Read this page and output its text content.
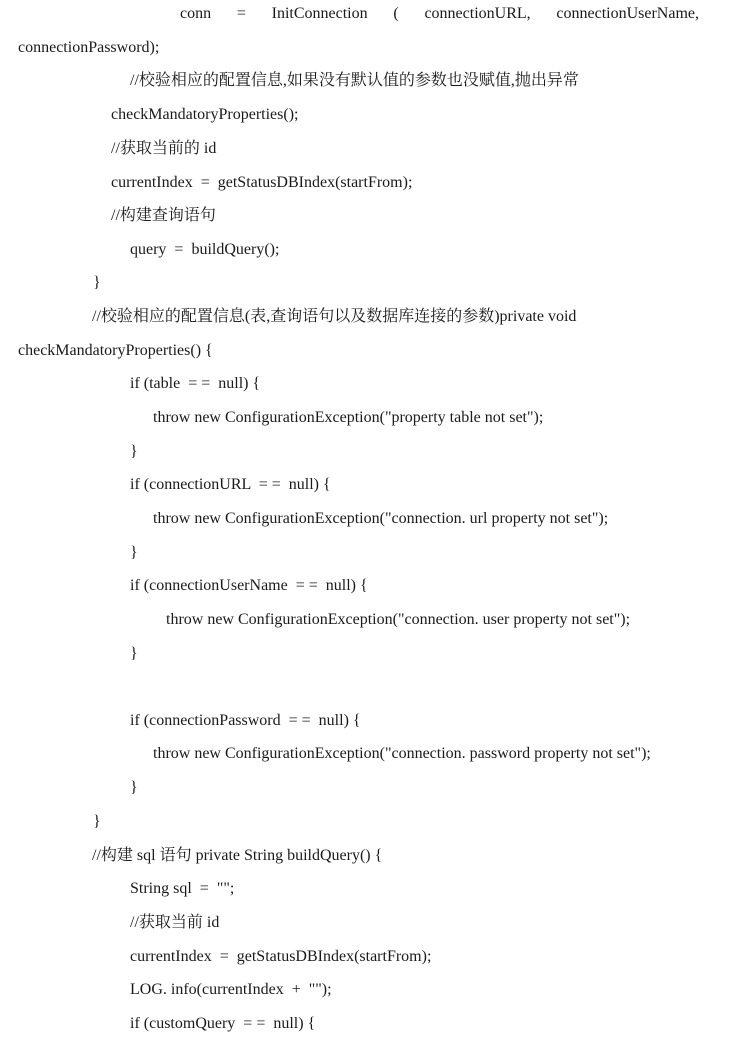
conn = InitConnection ( connectionURL, connectionUserName,
connectionPassword);
//校验相应的配置信息,如果没有默认值的参数也没赋值,抛出异常
checkMandatoryProperties();
//获取当前的 id
currentIndex  =  getStatusDBIndex(startFrom);
//构建查询语句
query  =  buildQuery();
}
//校验相应的配置信息(表,查询语句以及数据库连接的参数)private void
checkMandatoryProperties() {
if (table  = =  null) {
throw new ConfigurationException("property table not set");
}
if (connectionURL  = =  null) {
throw new ConfigurationException("connection. url property not set");
}
if (connectionUserName  = =  null) {
throw new ConfigurationException("connection. user property not set");
}
if (connectionPassword  = =  null) {
throw new ConfigurationException("connection. password property not set");
}
}
//构建 sql 语句 private String buildQuery() {
String sql  =  "";
//获取当前 id
currentIndex  =  getStatusDBIndex(startFrom);
LOG. info(currentIndex  +  "");
if (customQuery  = =  null) {
